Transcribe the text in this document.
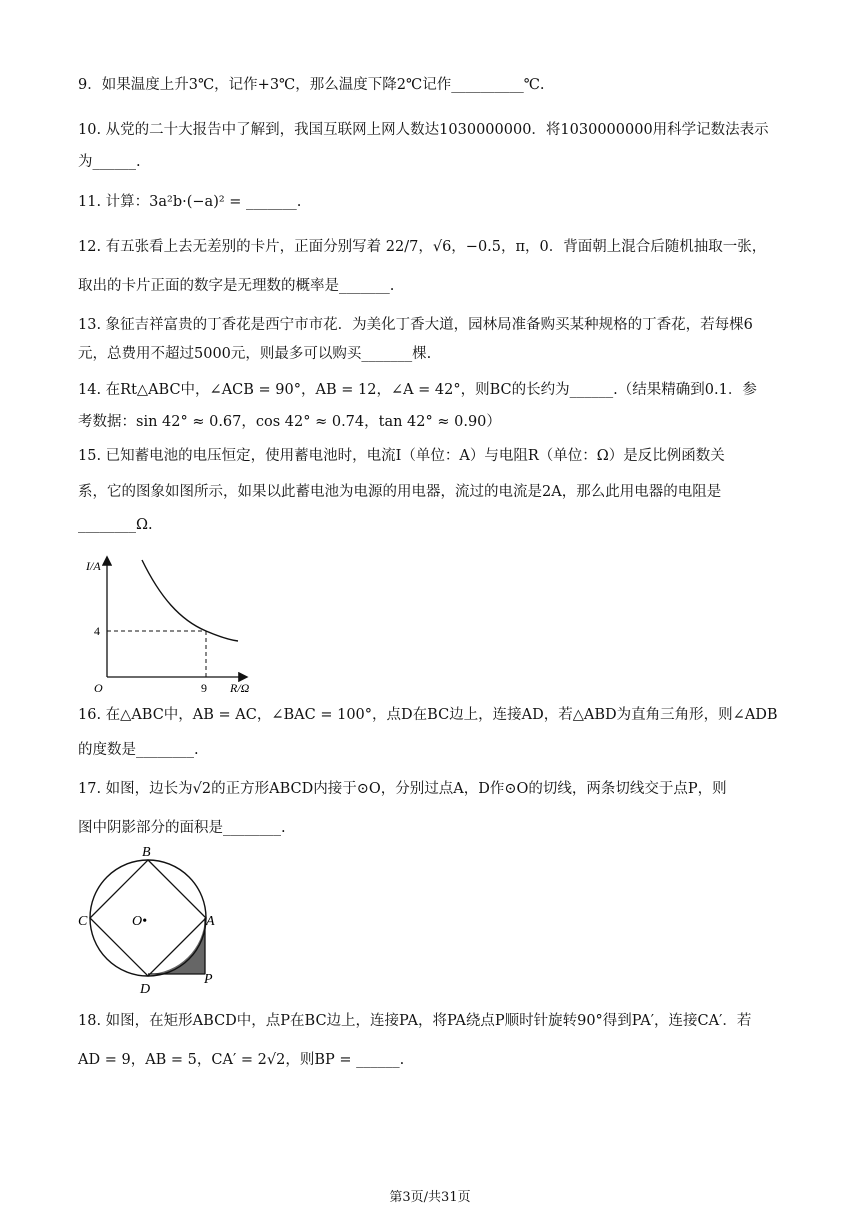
9．如果温度上升3℃，记作+3℃，那么温度下降2℃记作__________℃.
10. 从党的二十大报告中了解到，我国互联网上网人数达1030000000．将1030000000用科学记数法表示
为______.
11. 计算：3a²b·(−a)² = _______.
12. 有五张看上去无差别的卡片，正面分别写着 22/7，√6，−0.5，π，0．背面朝上混合后随机抽取一张，
取出的卡片正面的数字是无理数的概率是_______.
13. 象征吉祥富贵的丁香花是西宁市市花．为美化丁香大道，园林局准备购买某种规格的丁香花，若每棵6
元，总费用不超过5000元，则最多可以购买_______棵.
14. 在Rt△ABC中，∠ACB = 90°，AB = 12，∠A = 42°，则BC的长约为______.（结果精确到0.1．参
考数据：sin 42° ≈ 0.67，cos 42° ≈ 0.74，tan 42° ≈ 0.90）
15. 已知蓄电池的电压恒定，使用蓄电池时，电流I（单位：A）与电阻R（单位：Ω）是反比例函数关
系，它的图象如图所示，如果以此蓄电池为电源的用电器，流过的电流是2A，那么此用电器的电阻是
________Ω.
I/A
R/Ω
O
4
9
16. 在△ABC中，AB = AC，∠BAC = 100°，点D在BC边上，连接AD，若△ABD为直角三角形，则∠ADB
的度数是________.
17. 如图，边长为√2的正方形ABCD内接于⊙O，分别过点A，D作⊙O的切线，两条切线交于点P，则
图中阴影部分的面积是________.
B
C	O•	A
D
P
18. 如图，在矩形ABCD中，点P在BC边上，连接PA，将PA绕点P顺时针旋转90°得到PA′，连接CA′．若
AD = 9，AB = 5，CA′ = 2√2，则BP = ______.
第3页/共31页
